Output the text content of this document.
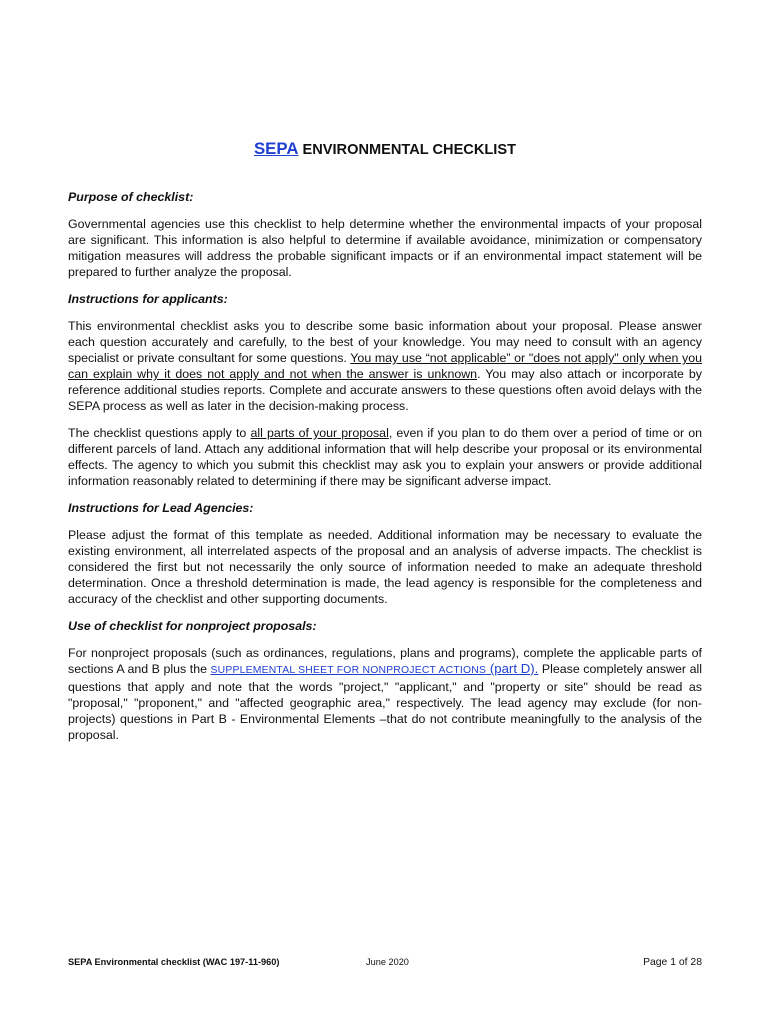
SEPA ENVIRONMENTAL CHECKLIST
Purpose of checklist:

Governmental agencies use this checklist to help determine whether the environmental impacts of your proposal are significant. This information is also helpful to determine if available avoidance, minimization or compensatory mitigation measures will address the probable significant impacts or if an environmental impact statement will be prepared to further analyze the proposal.

Instructions for applicants:

This environmental checklist asks you to describe some basic information about your proposal. Please answer each question accurately and carefully, to the best of your knowledge. You may need to consult with an agency specialist or private consultant for some questions. You may use “not applicable” or "does not apply" only when you can explain why it does not apply and not when the answer is unknown. You may also attach or incorporate by reference additional studies reports. Complete and accurate answers to these questions often avoid delays with the SEPA process as well as later in the decision-making process.

The checklist questions apply to all parts of your proposal, even if you plan to do them over a period of time or on different parcels of land. Attach any additional information that will help describe your proposal or its environmental effects. The agency to which you submit this checklist may ask you to explain your answers or provide additional information reasonably related to determining if there may be significant adverse impact.

Instructions for Lead Agencies:

Please adjust the format of this template as needed. Additional information may be necessary to evaluate the existing environment, all interrelated aspects of the proposal and an analysis of adverse impacts. The checklist is considered the first but not necessarily the only source of information needed to make an adequate threshold determination. Once a threshold determination is made, the lead agency is responsible for the completeness and accuracy of the checklist and other supporting documents.

Use of checklist for nonproject proposals:

For nonproject proposals (such as ordinances, regulations, plans and programs), complete the applicable parts of sections A and B plus the SUPPLEMENTAL SHEET FOR NONPROJECT ACTIONS (part D). Please completely answer all questions that apply and note that the words "project," "applicant," and "property or site" should be read as "proposal," "proponent," and "affected geographic area," respectively. The lead agency may exclude (for non-projects) questions in Part B - Environmental Elements –that do not contribute meaningfully to the analysis of the proposal.

SEPA Environmental checklist (WAC 197-11-960)	June 2020	Page 1 of 28
